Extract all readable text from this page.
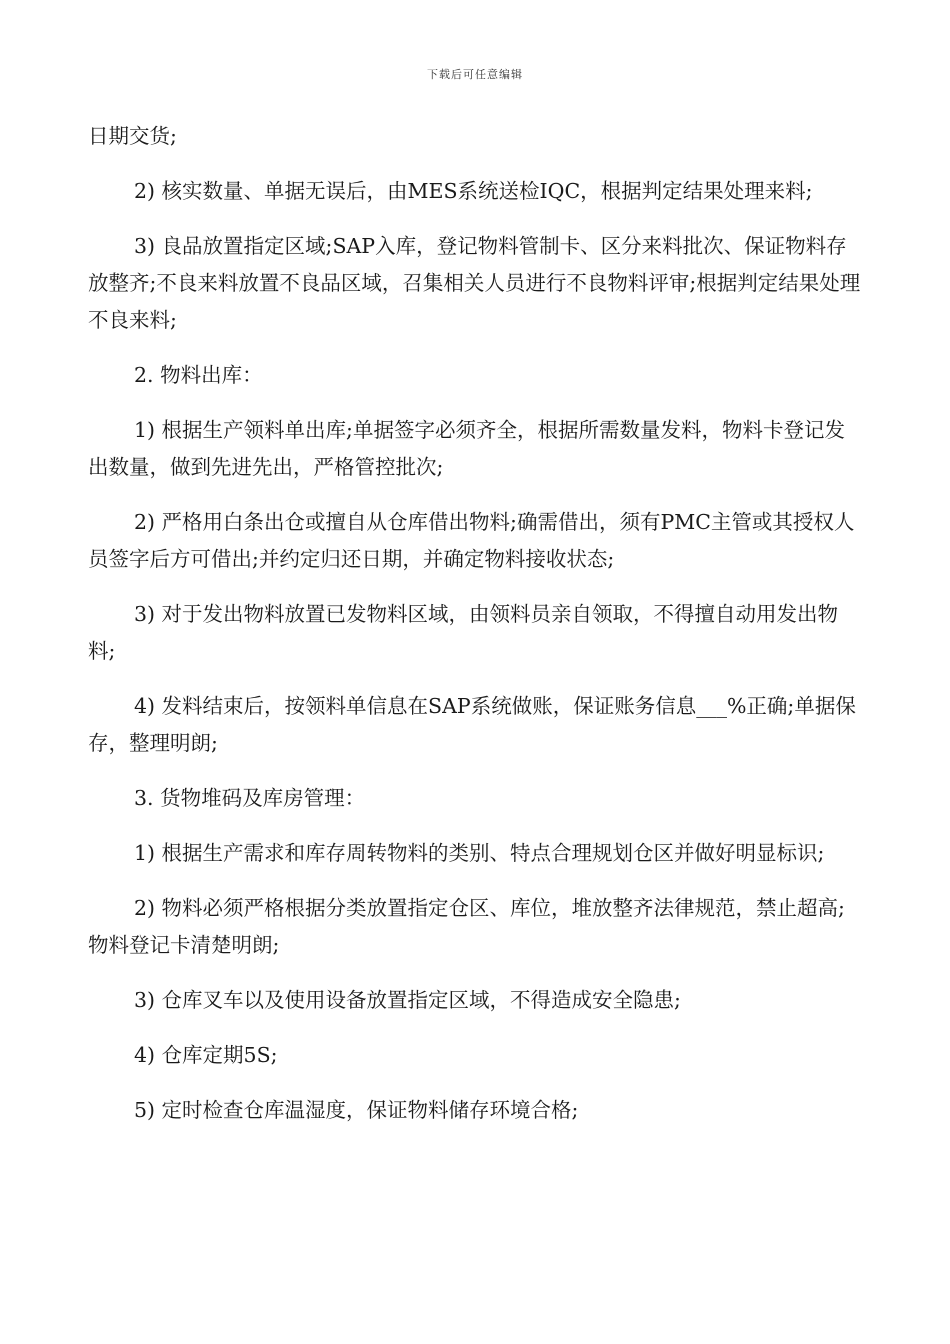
下载后可任意编辑

日期交货;

2) 核实数量、单据无误后，由MES系统送检IQC，根据判定结果处理来料;

3) 良品放置指定区域;SAP入库，登记物料管制卡、区分来料批次、保证物料存放整齐;不良来料放置不良品区域，召集相关人员进行不良物料评审;根据判定结果处理不良来料;

2. 物料出库：

1) 根据生产领料单出库;单据签字必须齐全，根据所需数量发料，物料卡登记发出数量，做到先进先出，严格管控批次;

2) 严格用白条出仓或擅自从仓库借出物料;确需借出，须有PMC主管或其授权人员签字后方可借出;并约定归还日期，并确定物料接收状态;

3) 对于发出物料放置已发物料区域，由领料员亲自领取，不得擅自动用发出物料;

4) 发料结束后，按领料单信息在SAP系统做账，保证账务信息___%正确;单据保存，整理明朗;

3. 货物堆码及库房管理：

1) 根据生产需求和库存周转物料的类别、特点合理规划仓区并做好明显标识;

2) 物料必须严格根据分类放置指定仓区、库位，堆放整齐法律规范，禁止超高;物料登记卡清楚明朗;

3) 仓库叉车以及使用设备放置指定区域，不得造成安全隐患;

4) 仓库定期5S;

5) 定时检查仓库温湿度，保证物料储存环境合格;
